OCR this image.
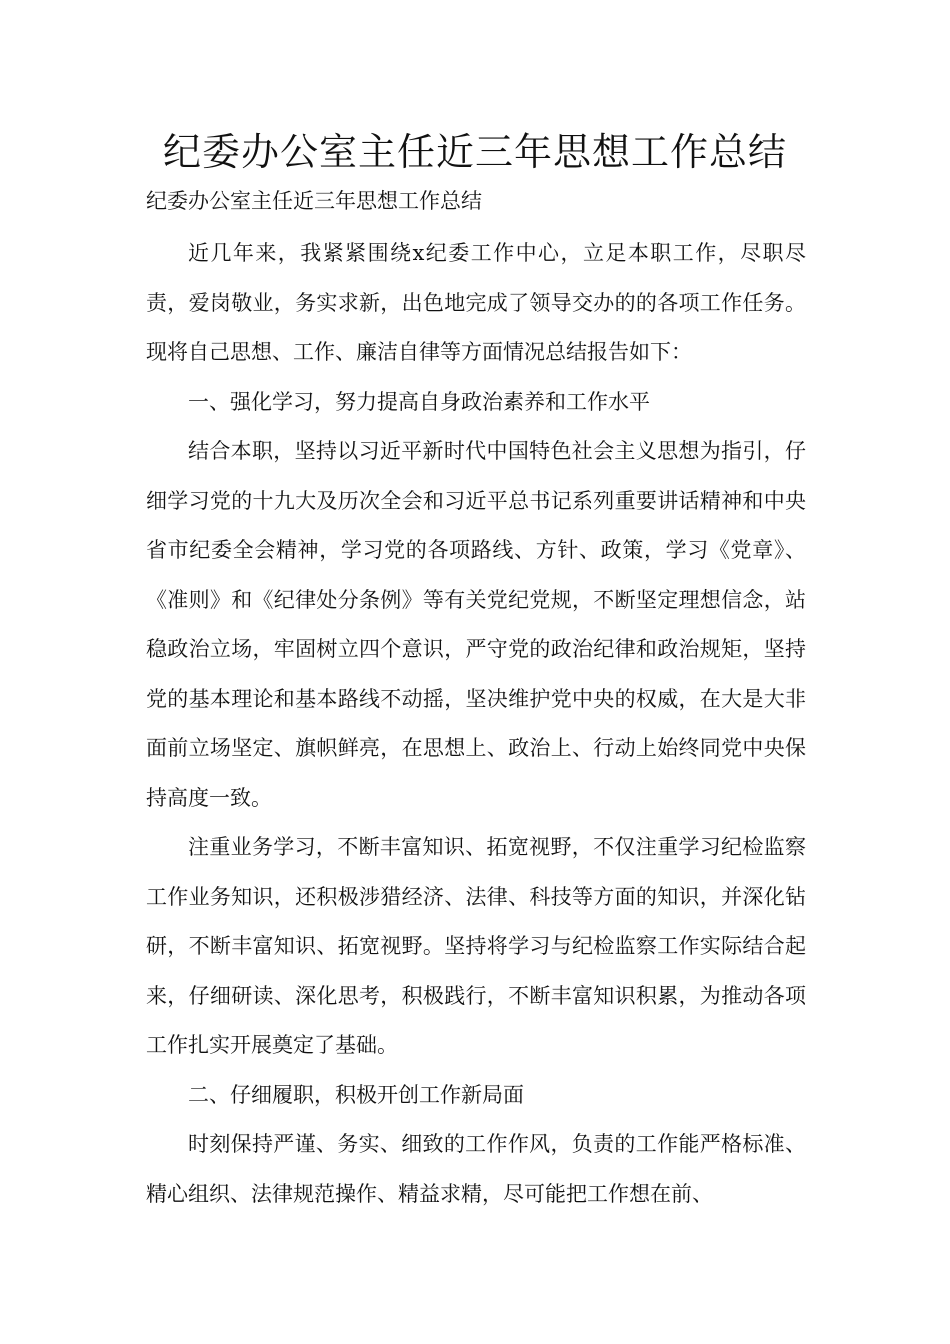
纪委办公室主任近三年思想工作总结

纪委办公室主任近三年思想工作总结

近几年来，我紧紧围绕x纪委工作中心，立足本职工作，尽职尽责，爱岗敬业，务实求新，出色地完成了领导交办的的各项工作任务。现将自己思想、工作、廉洁自律等方面情况总结报告如下：

一、强化学习，努力提高自身政治素养和工作水平

结合本职，坚持以习近平新时代中国特色社会主义思想为指引，仔细学习党的十九大及历次全会和习近平总书记系列重要讲话精神和中央省市纪委全会精神，学习党的各项路线、方针、政策，学习《党章》、《准则》和《纪律处分条例》等有关党纪党规，不断坚定理想信念，站稳政治立场，牢固树立四个意识，严守党的政治纪律和政治规矩，坚持党的基本理论和基本路线不动摇，坚决维护党中央的权威，在大是大非面前立场坚定、旗帜鲜亮，在思想上、政治上、行动上始终同党中央保持高度一致。

注重业务学习，不断丰富知识、拓宽视野，不仅注重学习纪检监察工作业务知识，还积极涉猎经济、法律、科技等方面的知识，并深化钻研，不断丰富知识、拓宽视野。坚持将学习与纪检监察工作实际结合起来，仔细研读、深化思考，积极践行，不断丰富知识积累，为推动各项工作扎实开展奠定了基础。

二、仔细履职，积极开创工作新局面

时刻保持严谨、务实、细致的工作作风，负责的工作能严格标准、精心组织、法律规范操作、精益求精，尽可能把工作想在前、
